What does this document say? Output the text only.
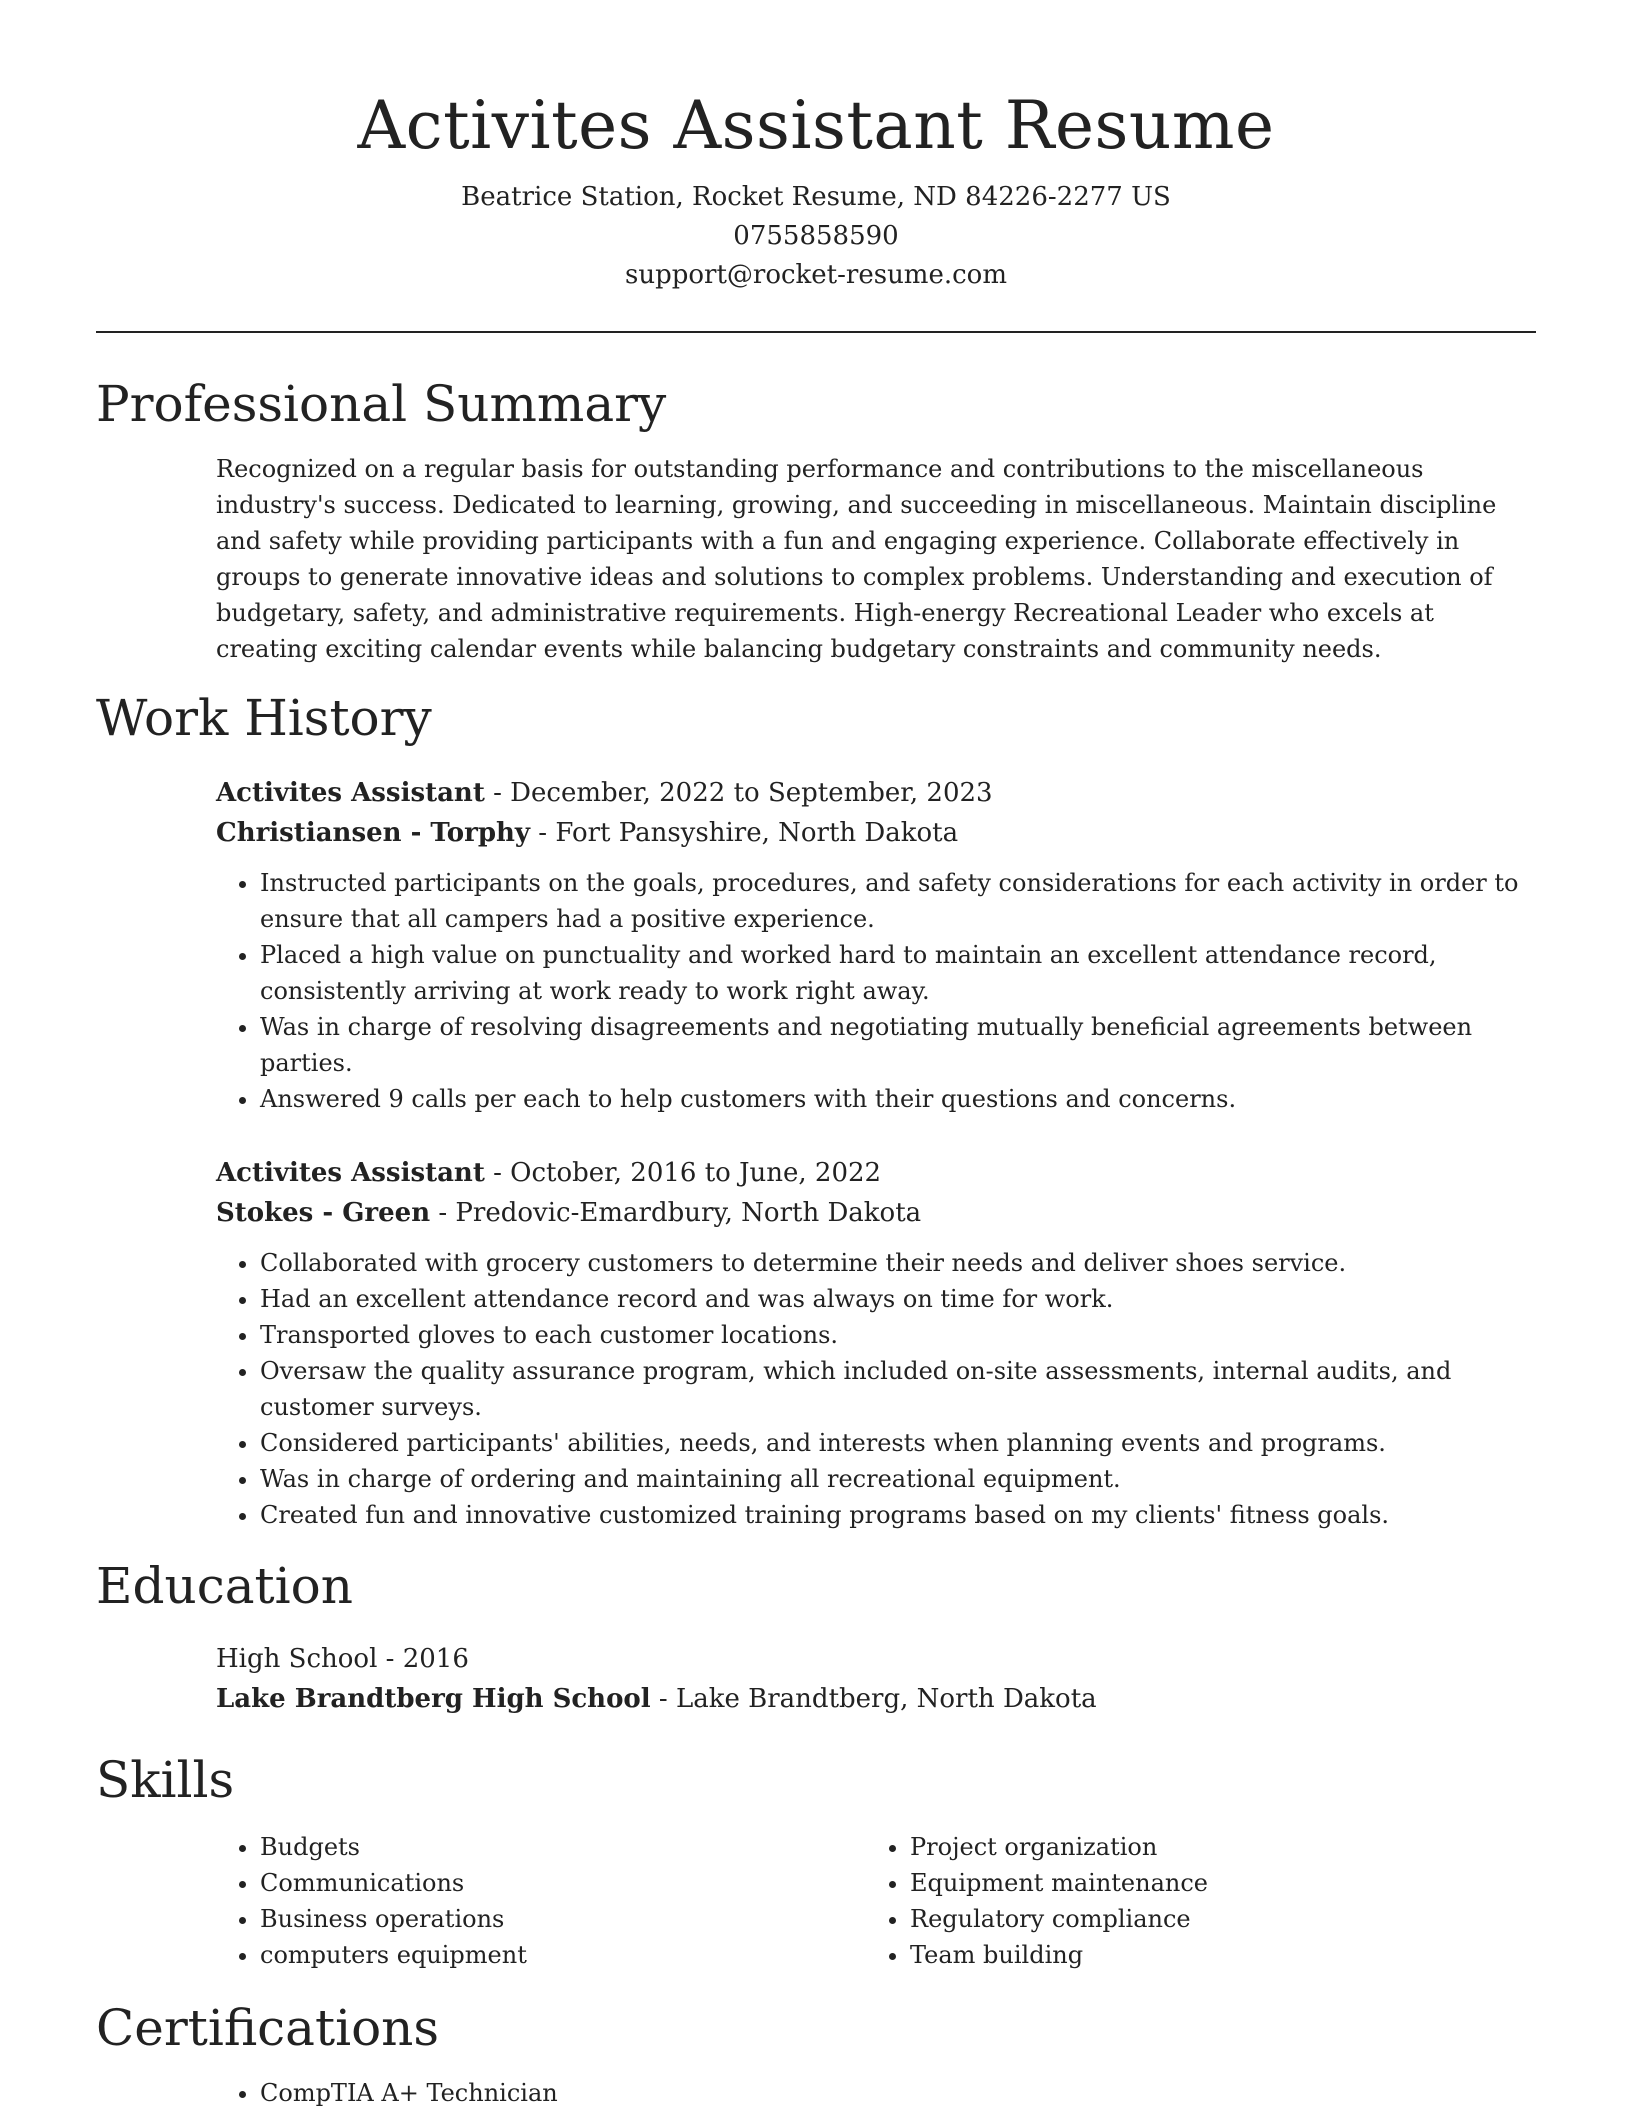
Activites Assistant Resume
Beatrice Station, Rocket Resume, ND 84226-2277 US
0755858590
support@rocket-resume.com
Professional Summary
Recognized on a regular basis for outstanding performance and contributions to the miscellaneous industry's success. Dedicated to learning, growing, and succeeding in miscellaneous. Maintain discipline and safety while providing participants with a fun and engaging experience. Collaborate effectively in groups to generate innovative ideas and solutions to complex problems. Understanding and execution of budgetary, safety, and administrative requirements. High-energy Recreational Leader who excels at creating exciting calendar events while balancing budgetary constraints and community needs.
Work History
Activites Assistant - December, 2022 to September, 2023
Christiansen - Torphy - Fort Pansyshire, North Dakota
• Instructed participants on the goals, procedures, and safety considerations for each activity in order to ensure that all campers had a positive experience.
• Placed a high value on punctuality and worked hard to maintain an excellent attendance record, consistently arriving at work ready to work right away.
• Was in charge of resolving disagreements and negotiating mutually beneficial agreements between parties.
• Answered 9 calls per each to help customers with their questions and concerns.
Activites Assistant - October, 2016 to June, 2022
Stokes - Green - Predovic-Emardbury, North Dakota
• Collaborated with grocery customers to determine their needs and deliver shoes service.
• Had an excellent attendance record and was always on time for work.
• Transported gloves to each customer locations.
• Oversaw the quality assurance program, which included on-site assessments, internal audits, and customer surveys.
• Considered participants' abilities, needs, and interests when planning events and programs.
• Was in charge of ordering and maintaining all recreational equipment.
• Created fun and innovative customized training programs based on my clients' fitness goals.
Education
High School - 2016
Lake Brandtberg High School - Lake Brandtberg, North Dakota
Skills
• Budgets
• Communications
• Business operations
• computers equipment
• Project organization
• Equipment maintenance
• Regulatory compliance
• Team building
Certifications
• CompTIA A+ Technician
